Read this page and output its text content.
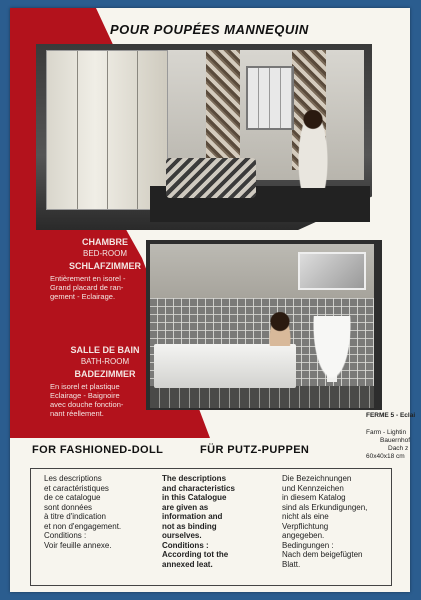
POUR POUPÉES MANNEQUIN
CHAMBRE
BED-ROOM
SCHLAFZIMMER
Entièrement en isorel -
Grand placard de ran-
gement - Eclairage.
SALLE DE BAIN
BATH-ROOM
BADEZIMMER
En isorel et plastique
Eclairage - Baignoire
avec douche fonction-
nant réellement.	FERME 5 - Eclai
Farm - Lightin
Bauernhof
Dach z
60x40x18 cm
FOR FASHIONED-DOLL	FÜR PUTZ-PUPPEN
Les descriptions
et caractéristiques
de ce catalogue
sont données
à titre d'indication
et non d'engagement.
Conditions :
Voir feuille annexe.
The descriptions
and characteristics
in this Catalogue
are given as
information and
not as binding
ourselves.
Conditions :
According tot the
annexed leat.
Die Bezeichnungen
und Kennzeichen
in diesem Katalog
sind als Erkundigungen,
nicht als eine
Verpflichtung
angegeben.
Bedingungen :
Nach dem beigefügten
Blatt.
